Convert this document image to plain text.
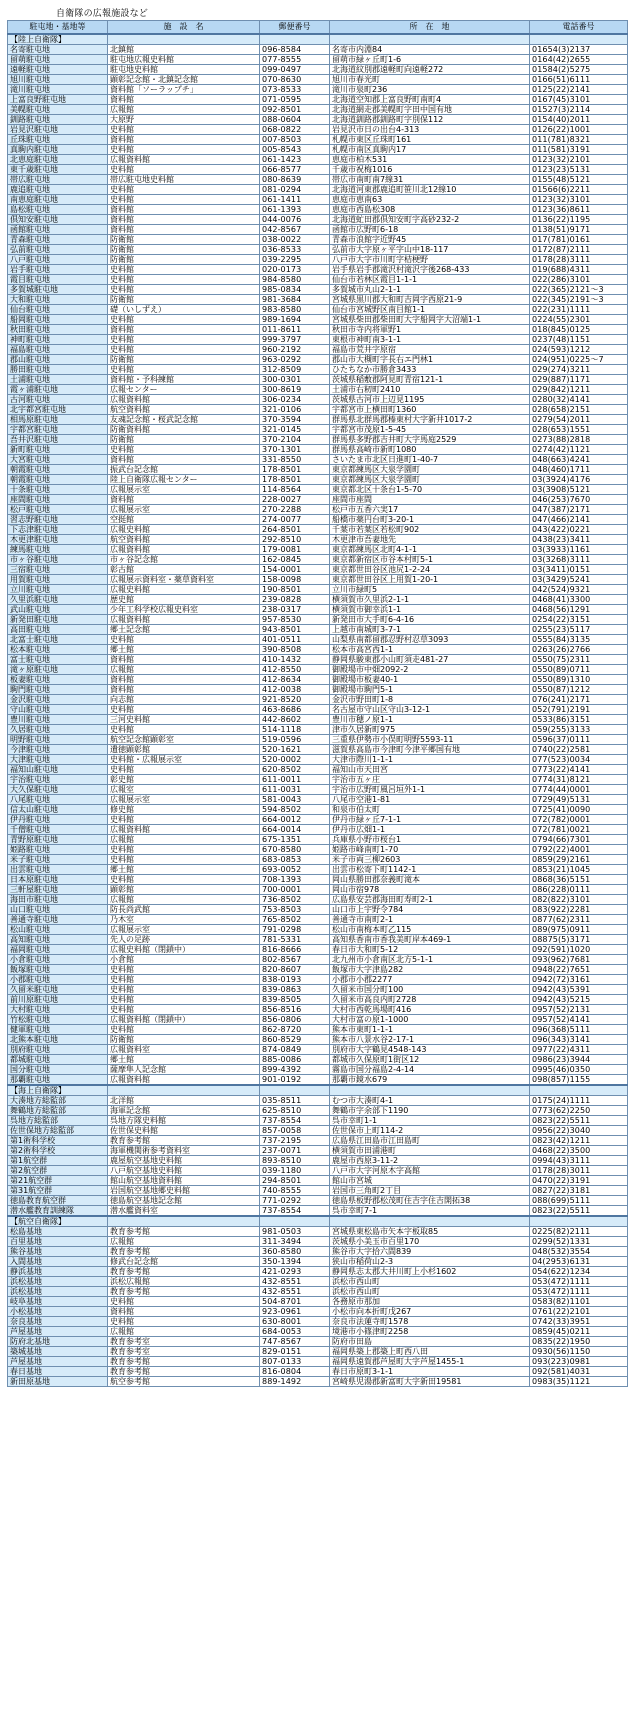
自衛隊の広報施設など
駐屯地・基地等	施　設　名	郵便番号	所　在　地	電話番号
【陸上自衛隊】				
名寄駐屯地	北鎮館	096-8584	名寄市内淵84	01654(3)2137
留萌駐屯地	駐屯地広報史料館	077-8555	留萌市緑ヶ丘町1-6	0164(42)2655
遠軽駐屯地	駐屯地史料館	099-0497	北海道紋別郡遠軽町向遠軽272	01584(2)5275
旭川駐屯地	顕彰記念館・北鎮記念館	070-8630	旭川市春光町	0166(51)6111
滝川駐屯地	資料館「ソーラップチ」	073-8533	滝川市泉町236	0125(22)2141
上富良野駐屯地	資料館	071-0595	北海道空知郡上富良野町南町4	0167(45)3101
美幌駐屯地	広報館	092-8501	北海道網走郡美幌町字田中国有地	01527(3)2114
釧路駐屯地	大原野	088-0604	北海道釧路郡釧路町字別保112	0154(40)2011
岩見沢駐屯地	史料館	068-0822	岩見沢市日の出台4-313	0126(22)1001
丘珠駐屯地	資料館	007-8503	札幌市東区丘珠町161	011(781)8321
真駒内駐屯地	史料館	005-8543	札幌市南区真駒内17	011(581)3191
北恵庭駐屯地	広報資料館	061-1423	恵庭市柏木531	0123(32)2101
東千歳駐屯地	史料館	066-8577	千歳市祝梅1016	0123(23)5131
帯広駐屯地	帯広駐屯地史料館	080-8639	帯広市南町南7線31	0155(48)5121
鹿追駐屯地	史料館	081-0294	北海道河東郡鹿追町笹川北12線10	01566(6)2211
南恵庭駐屯地	史料館	061-1411	恵庭市恵南63	0123(32)3101
島松駐屯地	資料館	061-1393	恵庭市西島松308	0123(36)8611
倶知安駐屯地	資料館	044-0076	北海道虻田郡倶知安町字高砂232-2	0136(22)1195
函館駐屯地	資料館	042-8567	函館市広野町6-18	0138(51)9171
青森駐屯地	防衛館	038-0022	青森市浪館字近野45	017(781)0161
弘前駐屯地	防衛館	036-8533	弘前市大字原ヶ平字山中18-117	0172(87)2111
八戸駐屯地	防衛館	039-2295	八戸市大字市川町字桔梗野	0178(28)3111
岩手駐屯地	史料館	020-0173	岩手県岩手郡滝沢村滝沢字後268-433	019(688)4311
霞目駐屯地	史料館	984-8580	仙台市若林区霞目1-1-1	022(286)3101
多賀城駐屯地	史料館	985-0834	多賀城市丸山2-1-1	022(365)2121～3
大和駐屯地	防衛館	981-3684	宮城県黒川郡大和町吉岡字西原21-9	022(345)2191～3
仙台駐屯地	礎（いしずえ）	983-8580	仙台市宮城野区南目館1-1	022(231)1111
船岡駐屯地	史料館	989-1694	宮城県柴田郡柴田町大字船岡字大沼端1-1	0224(55)2301
秋田駐屯地	資料館	011-8611	秋田市寺内将軍野1	018(845)0125
神町駐屯地	史料館	999-3797	東根市神町南3-1-1	0237(48)1151
福島駐屯地	史料館	960-2192	福島市荒井字原宿	024(593)1212
郡山駐屯地	防衛館	963-0292	郡山市大槻町字長右エ門林1	024(951)0225～7
勝田駐屯地	史料館	312-8509	ひたちなか市勝倉3433	029(274)3211
土浦駐屯地	資料館・予科練館	300-0301	茨城県稲敷郡阿見町青宿121-1	029(887)1171
霞ヶ浦駐屯地	広報センター	300-8619	土浦市右籾町2410	029(842)1211
古河駐屯地	広報資料館	306-0234	茨城県古河市上辺見1195	0280(32)4141
北宇都宮駐屯地	航空資料館	321-0106	宇都宮市上横田町1360	028(658)2151
相馬原駐屯地	友魂記念館・桜武記念館	370-3594	群馬県北群馬郡榛東村大字新井1017-2	0279(54)2011
宇都宮駐屯地	防衛資料館	321-0145	宇都宮市茂原1-5-45	028(653)1551
吾井沢駐屯地	防衛館	370-2104	群馬県多野郡吉井町大字馬庭2529	0273(88)2818
新町駐屯地	史料館	370-1301	群馬県高崎市新町1080	0274(42)1121
大宮駐屯地	資料館	331-8550	さいたま市北区日進町1-40-7	048(663)4241
朝霞駐屯地	振武台記念館	178-8501	東京都練馬区大泉学園町	048(460)1711
朝霞駐屯地	陸上自衛隊広報センター	178-8501	東京都練馬区大泉学園町	03(3924)4176
十条駐屯地	広報展示室	114-8564	東京都北区十条台1-5-70	03(3908)5121
座間駐屯地	資料館	228-0027	座間市座間	046(253)7670
松戸駐屯地	広報展示室	270-2288	松戸市五香六実17	047(387)2171
習志野駐屯地	空挺館	274-0077	船橋市薬円台町3-20-1	047(466)2141
下志津駐屯地	広報史料館	264-8501	千葉市若葉区若松町902	043(422)0221
木更津駐屯地	航空資料館	292-8510	木更津市吾妻地先	0438(23)3411
練馬駐屯地	広報資料館	179-0081	東京都練馬区北町4-1-1	03(3933)1161
市ヶ谷駐屯地	市ヶ谷記念館	162-0845	東京都新宿区市谷本村町5-1	03(3268)3111
三宿駐屯地	彰古館	154-0001	東京都世田谷区池尻1-2-24	03(3411)0151
用賀駐屯地	広報展示資料室・薬草資料室	158-0098	東京都世田谷区上用賀1-20-1	03(3429)5241
立川駐屯地	広報史料館	190-8501	立川市緑町5	042(524)9321
久里浜駐屯地	歴史館	239-0828	横須賀市久里浜2-1-1	0468(41)3300
武山駐屯地	少年工科学校広報史料室	238-0317	横須賀市御幸浜1-1	0468(56)1291
新発田駐屯地	広報資料館	957-8530	新発田市大手町6-4-16	0254(22)3151
高田駐屯地	郷土記念館	943-8501	上越市南城町3-7-1	0255(23)5117
北富士駐屯地	史料館	401-0511	山梨県南都留郡忍野村忍草3093	0555(84)3135
松本駐屯地	郷土館	390-8508	松本市高宮西1-1	0263(26)2766
富士駐屯地	資料館	410-1432	静岡県駿東郡小山町須走481-27	0550(75)2311
滝ヶ原駐屯地	広報館	412-8550	御殿場市中畑2092-2	0550(89)0711
板妻駐屯地	資料館	412-8634	御殿場市板妻40-1	0550(89)1310
駒門駐屯地	資料館	412-0038	御殿場市駒門5-1	0550(87)1212
金沢駐屯地	向志館	921-8520	金沢市野田町1-8	076(241)2171
守山駐屯地	史料館	463-8686	名古屋市守山区守山3-12-1	052(791)2191
豊川駐屯地	三河史料館	442-8602	豊川市穂ノ原1-1	0533(86)3151
久居駐屯地	史料館	514-1118	津市久居新町975	059(255)3133
明野駐屯地	航空記念館顕彰室	519-0596	三重県伊勢市小俣町明野5593-11	0596(37)0111
今津駐屯地	遺徳顕彰館	520-1621	滋賀県高島市今津町今津平郷国有地	0740(22)2581
大津駐屯地	史料館・広報展示室	520-0002	大津市際川1-1-1	077(523)0034
福知山駐屯地	史料館	620-8502	福知山市天田宮	0773(22)4141
宇治駐屯地	彰史館	611-0011	宇治市五ヶ庄	0774(31)8121
大久保駐屯地	広報室	611-0031	宇治市広野町風呂垣外1-1	0774(44)0001
八尾駐屯地	広報展示室	581-0043	八尾市空港1-81	0729(49)5131
信太山駐屯地	修史館	594-8502	和泉市伯太町	0725(41)0090
伊丹駐屯地	史料館	664-0012	伊丹市緑ヶ丘7-1-1	072(782)0001
千僧駐屯地	広報資料館	664-0014	伊丹市広畑1-1	072(781)0021
青野原駐屯地	広報館	675-1351	兵庫県小野市桜台1	0794(66)7301
姫路駐屯地	史料館	670-8580	姫路市峰南町1-70	0792(22)4001
米子駐屯地	史料館	683-0853	米子市両三柳2603	0859(29)2161
出雲駐屯地	郷土館	693-0052	出雲市松寄下町1142-1	0853(21)1045
日本原駐屯地	史料館	708-1393	岡山県勝田郡奈義町滝本	0868(36)5151
三軒屋駐屯地	顕彰館	700-0001	岡山市宿978	086(228)0111
海田市駐屯地	広報館	736-8502	広島県安芸郡海田町寿町2-1	082(822)3101
山口駐屯地	防長尚武館	753-8503	山口市上宇野令784	083(922)2281
善通寺駐屯地	乃木室	765-8502	善通寺市南町2-1	0877(62)2311
松山駐屯地	広報展示室	791-0298	松山市南梅本町乙115	089(975)0911
高知駐屯地	先人の足跡	781-5331	高知県香南市香我美町岸本469-1	08875(5)3171
福岡駐屯地	広報史料館（閉鎖中）	816-8666	春日市大和町5-12	092(591)1020
小倉駐屯地	小倉館	802-8567	北九州市小倉南区北方5-1-1	093(962)7681
飯塚駐屯地	史料館	820-8607	飯塚市大字津島282	0948(22)7651
小郡駐屯地	史料館	838-0193	小郡市小郡2277	0942(72)3161
久留米駐屯地	史料館	839-0863	久留米市国分町100	0942(43)5391
前川原駐屯地	史料館	839-8505	久留米市高良内町2728	0942(43)5215
大村駐屯地	史料館	856-8516	大村市西乾馬場町416	0957(52)2131
竹松駐屯地	広報資料館（閉鎖中）	856-0806	大村市富の原1-1000	0957(52)4141
健軍駐屯地	史料館	862-8720	熊本市東町1-1-1	096(368)5111
北熊本駐屯地	防衛館	860-8529	熊本市八景水谷2-17-1	096(343)3141
別府駐屯地	広報資料室	874-0849	別府市大字鶴見4548-143	0977(22)4311
都城駐屯地	郷土館	885-0086	都城市久保原町1街区12	0986(23)3944
国分駐屯地	薩摩隼人記念館	899-4392	霧島市国分福島2-4-14	0995(46)0350
那覇駐屯地	広報資料館	901-0192	那覇市鏡水679	098(857)1155
【海上自衛隊】				
大湊地方総監部	北洋館	035-8511	むつ市大湊町4-1	0175(24)1111
舞鶴地方総監部	海軍記念館	625-8510	舞鶴市字余部下1190	0773(62)2250
呉地方総監部	呉地方隊史料館	737-8554	呉市幸町1-1	0823(22)5511
佐世保地方総監部	佐世保史料館	857-0058	佐世保市上町114-2	0956(22)3040
第1術科学校	教育参考館	737-2195	広島県江田島市江田島町	0823(42)1211
第2術科学校	海軍機関術参考資料室	237-0071	横須賀市田浦港町	0468(22)3500
第1航空群	鹿屋航空基地史料館	893-8510	鹿屋市西原3-11-2	0994(43)3111
第2航空群	八戸航空基地史料館	039-1180	八戸市大字河原木字高館	0178(28)3011
第21航空群	館山航空基地資料館	294-8501	館山市宮城	0470(22)3191
第31航空群	岩国航空基地郷史料館	740-8555	岩国市三角町2丁目	0827(22)3181
徳島教育航空群	徳島航空基地記念館	771-0292	徳島県板野郡松茂町住吉字住吉開拓38	088(699)5111
潜水艦教育訓練隊	潜水艦資料室	737-8554	呉市幸町7-1	0823(22)5511
【航空自衛隊】				
松島基地	教育参考館	981-0503	宮城県東松島市矢本字板取85	0225(82)2111
百里基地	広報館	311-3494	茨城県小美玉市百里170	0299(52)1331
熊谷基地	教育参考館	360-8580	熊谷市大字拾六間839	048(532)3554
入間基地	修武台記念館	350-1394	狭山市稲荷山2-3	04(2953)6131
静浜基地	教育参考館	421-0293	静岡県志太郡大井川町上小杉1602	054(622)1234
浜松基地	浜松広報館	432-8551	浜松市西山町	053(472)1111
浜松基地	教育参考館	432-8551	浜松市西山町	053(472)1111
岐阜基地	史料館	504-8701	各務原市那加	0583(82)1101
小松基地	資料館	923-0961	小松市向本折町戊267	0761(22)2101
奈良基地	史料館	630-8001	奈良市法蓮寺町1578	0742(33)3951
芦屋基地	広報館	684-0053	境港市小篠津町2258	0859(45)0211
防府北基地	教育参考室	747-8567	防府市田島	0835(22)1950
築城基地	教育参考室	829-0151	福岡県築上郡築上町西八田	0930(56)1150
芦屋基地	教育参考館	807-0133	福岡県遠賀郡芦屋町大字芦屋1455-1	093(223)0981
春日基地	教育参考館	816-0804	春日市原町3-1-1	092(581)4031
新田原基地	航空参考館	889-1492	宮崎県児湯郡新富町大字新田19581	0983(35)1121
